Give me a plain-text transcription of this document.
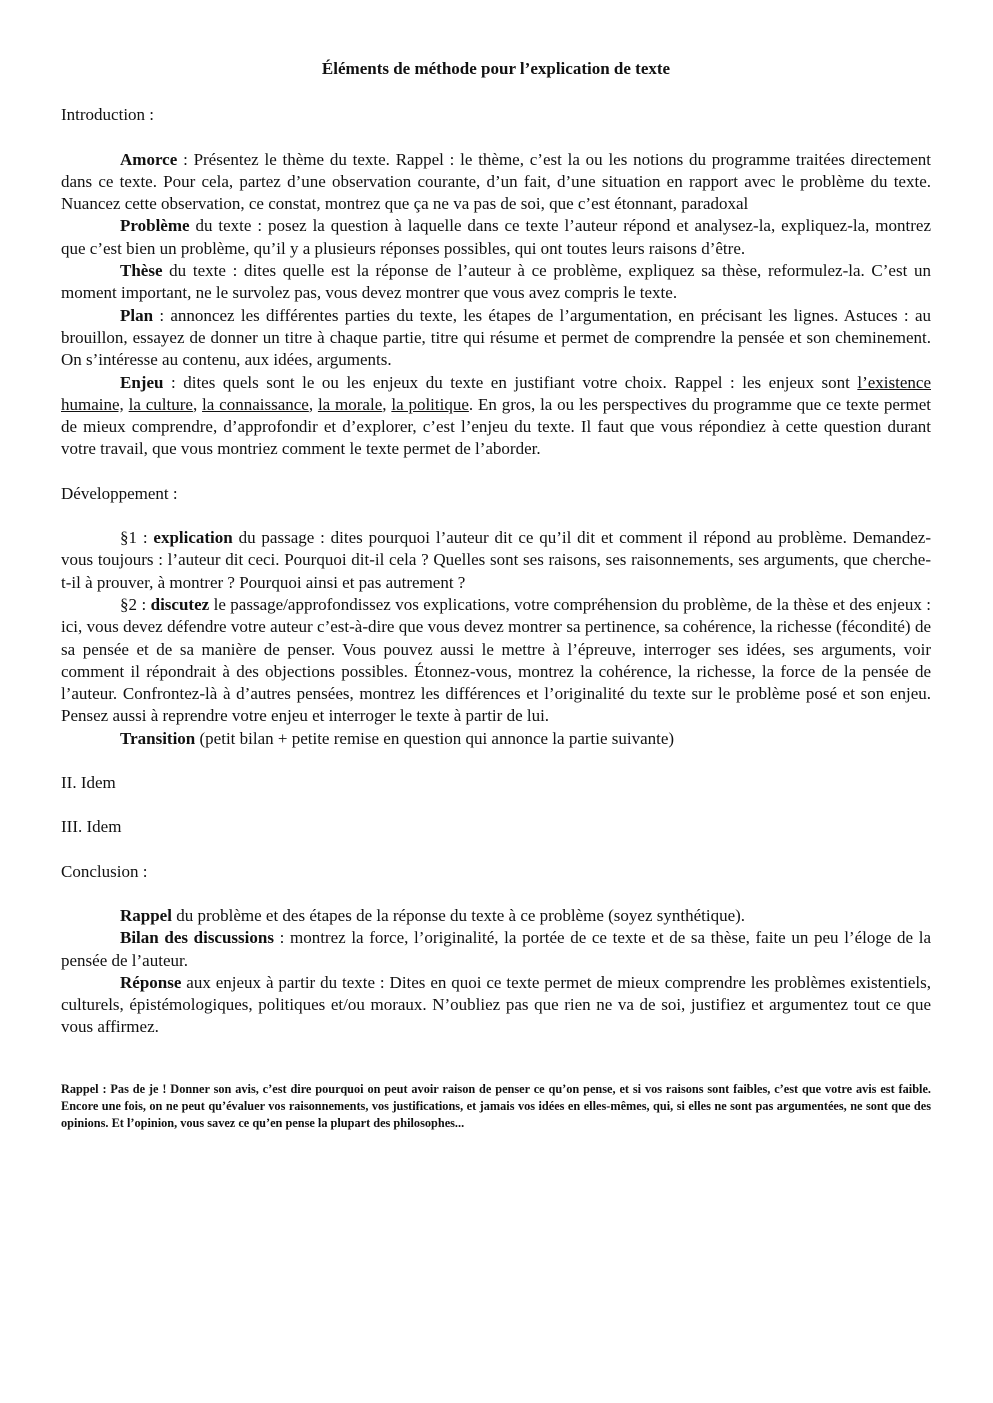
Éléments de méthode pour l’explication de texte
Introduction :

Amorce : Présentez le thème du texte. Rappel : le thème, c’est la ou les notions du programme traitées directement dans ce texte. Pour cela, partez d’une observation courante, d’un fait, d’une situation en rapport avec le problème du texte. Nuancez cette observation, ce constat, montrez que ça ne va pas de soi, que c’est étonnant, paradoxal

Problème du texte : posez la question à laquelle dans ce texte l’auteur répond et analysez-la, expliquez-la, montrez que c’est bien un problème, qu’il y a plusieurs réponses possibles, qui ont toutes leurs raisons d’être.

Thèse du texte : dites quelle est la réponse de l’auteur à ce problème, expliquez sa thèse, reformulez-la. C’est un moment important, ne le survolez pas, vous devez montrer que vous avez compris le texte.

Plan : annoncez les différentes parties du texte, les étapes de l’argumentation, en précisant les lignes. Astuces : au brouillon, essayez de donner un titre à chaque partie, titre qui résume et permet de comprendre la pensée et son cheminement. On s’intéresse au contenu, aux idées, arguments.

Enjeu : dites quels sont le ou les enjeux du texte en justifiant votre choix. Rappel : les enjeux sont l’existence humaine, la culture, la connaissance, la morale, la politique. En gros, la ou les perspectives du programme que ce texte permet de mieux comprendre, d’approfondir et d’explorer, c’est l’enjeu du texte. Il faut que vous répondiez à cette question durant votre travail, que vous montriez comment le texte permet de l’aborder.

Développement :

§1 : explication du passage : dites pourquoi l’auteur dit ce qu’il dit et comment il répond au problème. Demandez-vous toujours : l’auteur dit ceci. Pourquoi dit-il cela ? Quelles sont ses raisons, ses raisonnements, ses arguments, que cherche-t-il à prouver, à montrer ? Pourquoi ainsi et pas autrement ?

§2 : discutez le passage/approfondissez vos explications, votre compréhension du problème, de la thèse et des enjeux : ici, vous devez défendre votre auteur c’est-à-dire que vous devez montrer sa pertinence, sa cohérence, la richesse (fécondité) de sa pensée et de sa manière de penser. Vous pouvez aussi le mettre à l’épreuve, interroger ses idées, ses arguments, voir comment il répondrait à des objections possibles. Étonnez-vous, montrez la cohérence, la richesse, la force de la pensée de l’auteur. Confrontez-là à d’autres pensées, montrez les différences et l’originalité du texte sur le problème posé et son enjeu. Pensez aussi à reprendre votre enjeu et interroger le texte à partir de lui.

Transition (petit bilan + petite remise en question qui annonce la partie suivante)

II. Idem
III. Idem
Conclusion :

Rappel du problème et des étapes de la réponse du texte à ce problème (soyez synthétique).

Bilan des discussions : montrez la force, l’originalité, la portée de ce texte et de sa thèse, faite un peu l’éloge de la pensée de l’auteur.

Réponse aux enjeux à partir du texte : Dites en quoi ce texte permet de mieux comprendre les problèmes existentiels, culturels, épistémologiques, politiques et/ou moraux. N’oubliez pas que rien ne va de soi, justifiez et argumentez tout ce que vous affirmez.

Rappel : Pas de je ! Donner son avis, c’est dire pourquoi on peut avoir raison de penser ce qu’on pense, et si vos raisons sont faibles, c’est que votre avis est faible. Encore une fois, on ne peut qu’évaluer vos raisonnements, vos justifications, et jamais vos idées en elles-mêmes, qui, si elles ne sont pas argumentées, ne sont que des opinions. Et l’opinion, vous savez ce qu’en pense la plupart des philosophes...
